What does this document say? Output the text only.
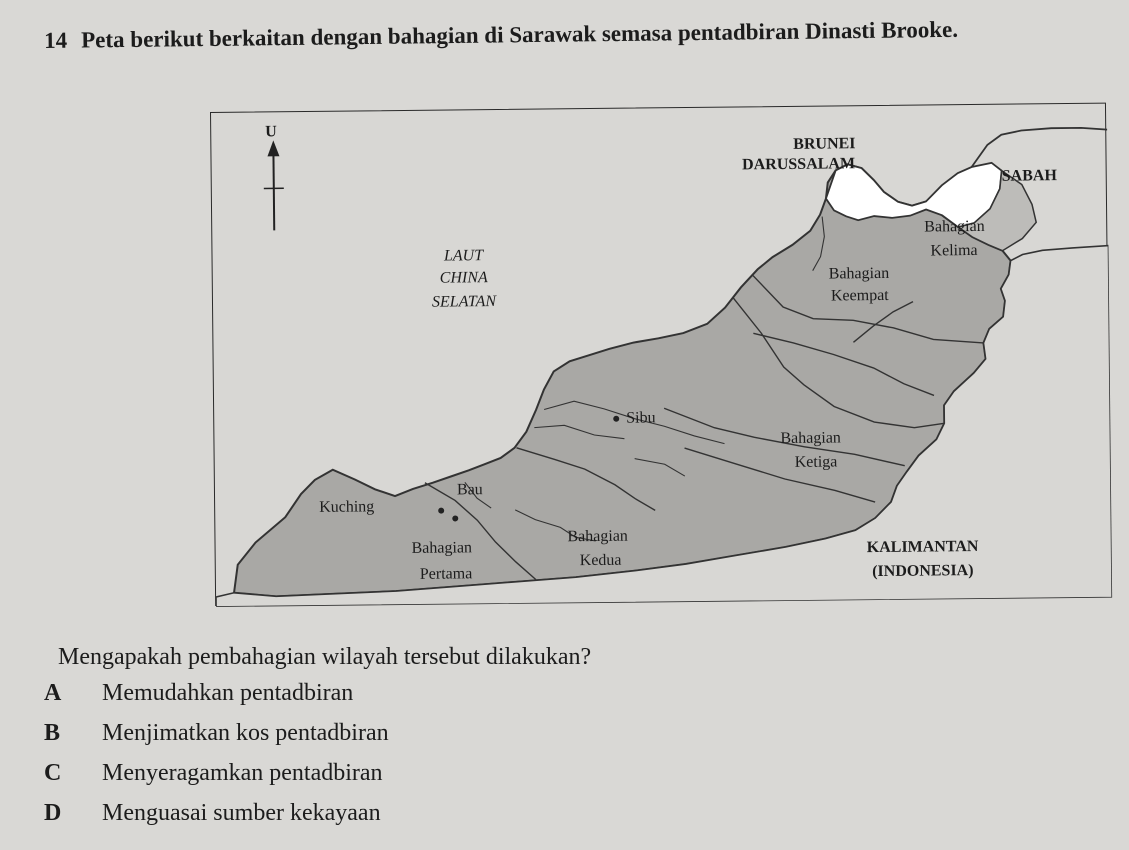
14 Peta berikut berkaitan dengan bahagian di Sarawak semasa pentadbiran Dinasti Brooke.
U
BRUNEI
DARUSSALAM
SABAH
LAUT
CHINA
SELATAN
Bahagian
Kelima
Bahagian
Keempat
Sibu
Bahagian
Ketiga
Bau
Kuching
Bahagian
Pertama
Bahagian
Kedua
KALIMANTAN
(INDONESIA)
Mengapakah pembahagian wilayah tersebut dilakukan?
A	Memudahkan pentadbiran
B	Menjimatkan kos pentadbiran
C	Menyeragamkan pentadbiran
D	Menguasai sumber kekayaan
